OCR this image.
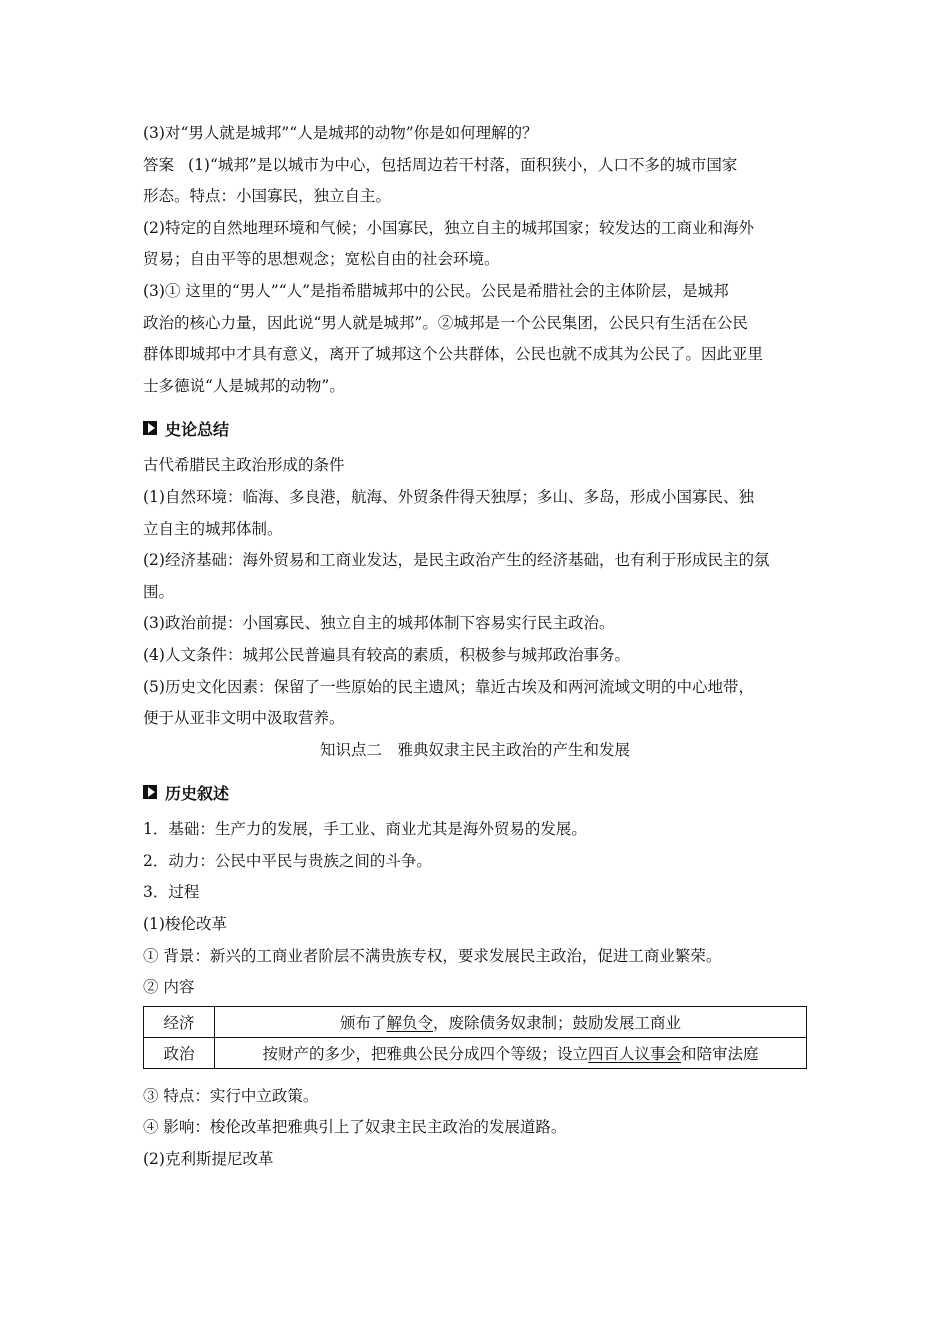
(3)对“男人就是城邦”“人是城邦的动物”你是如何理解的？
答案 (1)“城邦”是以城市为中心，包括周边若干村落，面积狭小，人口不多的城市国家
形态。特点：小国寡民，独立自主。
(2)特定的自然地理环境和气候；小国寡民，独立自主的城邦国家；较发达的工商业和海外
贸易；自由平等的思想观念；宽松自由的社会环境。
(3)① 这里的“男人”“人”是指希腊城邦中的公民。公民是希腊社会的主体阶层，是城邦
政治的核心力量，因此说“男人就是城邦”。②城邦是一个公民集团，公民只有生活在公民
群体即城邦中才具有意义，离开了城邦这个公共群体，公民也就不成其为公民了。因此亚里
士多德说“人是城邦的动物”。
史论总结
古代希腊民主政治形成的条件
(1)自然环境：临海、多良港，航海、外贸条件得天独厚；多山、多岛，形成小国寡民、独
立自主的城邦体制。
(2)经济基础：海外贸易和工商业发达，是民主政治产生的经济基础，也有利于形成民主的氛
围。
(3)政治前提：小国寡民、独立自主的城邦体制下容易实行民主政治。
(4)人文条件：城邦公民普遍具有较高的素质，积极参与城邦政治事务。
(5)历史文化因素：保留了一些原始的民主遗风；靠近古埃及和两河流域文明的中心地带，
便于从亚非文明中汲取营养。
知识点二　雅典奴隶主民主政治的产生和发展
历史叙述
1．基础：生产力的发展，手工业、商业尤其是海外贸易的发展。
2．动力：公民中平民与贵族之间的斗争。
3．过程
(1)梭伦改革
① 背景：新兴的工商业者阶层不满贵族专权，要求发展民主政治，促进工商业繁荣。
② 内容
经济	颁布了解负令，废除债务奴隶制；鼓励发展工商业
政治	按财产的多少，把雅典公民分成四个等级；设立四百人议事会和陪审法庭
③ 特点：实行中立政策。
④ 影响：梭伦改革把雅典引上了奴隶主民主政治的发展道路。
(2)克利斯提尼改革
